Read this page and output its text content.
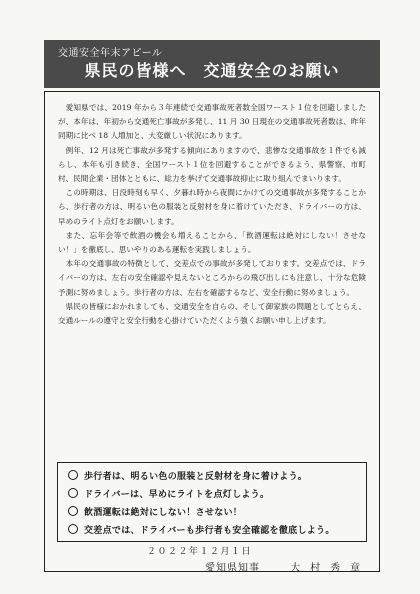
交通安全年末アピール
県民の皆様へ　交通安全のお願い

愛知県では、2019 年から３年連続で交通事故死者数全国ワースト１位を回避しましたが、本年は、年初から交通死亡事故が多発し、11 月 30 日現在の交通事故死者数は、昨年同期に比べ 18 人増加と、大変厳しい状況にあります。

例年、12 月は死亡事故が多発する傾向にありますので、悲惨な交通事故を１件でも減らし、本年も引き続き、全国ワースト１位を回避することができるよう、県警察、市町村、民間企業・団体とともに、総力を挙げて交通事故抑止に取り組んでまいります。

この時期は、日没時刻も早く、夕暮れ時から夜間にかけての交通事故が多発することから、歩行者の方は、明るい色の服装と反射材を身に着けていただき、ドライバーの方は、早めのライト点灯をお願いします。

また、忘年会等で飲酒の機会も増えることから、「飲酒運転は絶対にしない！させない！」を徹底し、思いやりのある運転を実践しましょう。

本年の交通事故の特徴として、交差点での事故が多発しております。交差点では、ドライバーの方は、左右の安全確認や見えないところからの飛び出しにも注意し、十分な危険予測に努めましょう。歩行者の方は、左右を確認するなど、安全行動に努めましょう。

県民の皆様におかれましても、交通安全を自らの、そして御家族の問題としてとらえ、交通ルールの遵守と安全行動を心掛けていただくよう強くお願い申し上げます。

歩行者は、明るい色の服装と反射材を身に着けよう。
ドライバーは、早めにライトを点灯しよう。
飲酒運転は絶対にしない！させない！
交差点では、ドライバーも歩行者も安全確認を徹底しよう。
２０２２年１２月１日
愛知県知事	大村秀章
